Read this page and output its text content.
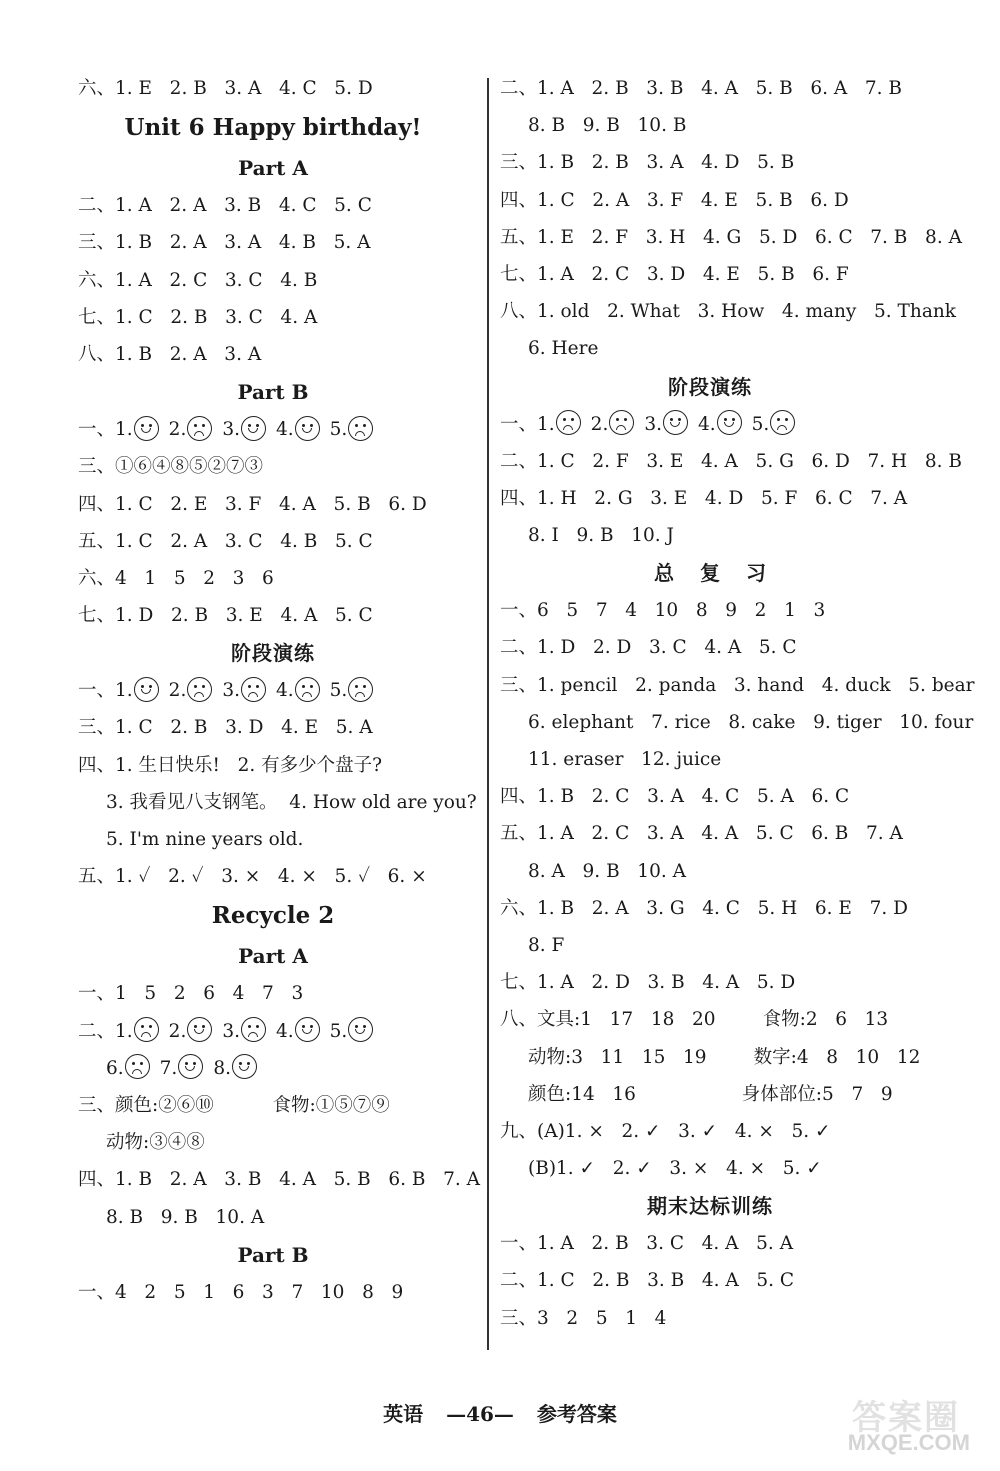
六、1. E   2. B   3. A   4. C   5. D
Unit 6 Happy birthday!
Part A
二、1. A   2. A   3. B   4. C   5. C
三、1. B   2. A   3. A   4. B   5. A
六、1. A   2. C   3. C   4. B
七、1. C   2. B   3. C   4. A
八、1. B   2. A   3. A
Part B
一、1. 2. 3. 4. 5.
三、①⑥④⑧⑤②⑦③
四、1. C   2. E   3. F   4. A   5. B   6. D
五、1. C   2. A   3. C   4. B   5. C
六、4   1   5   2   3   6
七、1. D   2. B   3. E   4. A   5. C
阶段演练
一、1. 2. 3. 4. 5.
三、1. C   2. B   3. D   4. E   5. A
四、1. 生日快乐!   2. 有多少个盘子?
3. 我看见八支钢笔。  4. How old are you?
5. I'm nine years old.
五、1. ✓   2. ✓   3. ×   4. ×   5. ✓   6. ×
Recycle 2
Part A
一、1   5   2   6   4   7   3
二、1. 2. 3. 4. 5.
6. 7. 8.
三、颜色:②⑥⑩          食物:①⑤⑦⑨
动物:③④⑧
四、1. B   2. A   3. B   4. A   5. B   6. B   7. A
8. B   9. B   10. A
Part B
一、4   2   5   1   6   3   7   10   8   9
二、1. A   2. B   3. B   4. A   5. B   6. A   7. B
8. B   9. B   10. B
三、1. B   2. B   3. A   4. D   5. B
四、1. C   2. A   3. F   4. E   5. B   6. D
五、1. E   2. F   3. H   4. G   5. D   6. C   7. B   8. A
七、1. A   2. C   3. D   4. E   5. B   6. F
八、1. old   2. What   3. How   4. many   5. Thank
6. Here
阶段演练
一、1. 2. 3. 4. 5.
二、1. C   2. F   3. E   4. A   5. G   6. D   7. H   8. B
四、1. H   2. G   3. E   4. D   5. F   6. C   7. A
8. I   9. B   10. J
总复习
一、6   5   7   4   10   8   9   2   1   3
二、1. D   2. D   3. C   4. A   5. C
三、1. pencil   2. panda   3. hand   4. duck   5. bear
6. elephant   7. rice   8. cake   9. tiger   10. four
11. eraser   12. juice
四、1. B   2. C   3. A   4. C   5. A   6. C
五、1. A   2. C   3. A   4. A   5. C   6. B   7. A
8. A   9. B   10. A
六、1. B   2. A   3. G   4. C   5. H   6. E   7. D
8. F
七、1. A   2. D   3. B   4. A   5. D
八、文具:1   17   18   20        食物:2   6   13
动物:3   11   15   19        数字:4   8   10   12
颜色:14   16                  身体部位:5   7   9
九、(A)1. ×   2. ✓   3. ✓   4. ×   5. ✓
(B)1. ✓   2. ✓   3. ×   4. ×   5. ✓
期末达标训练
一、1. A   2. B   3. C   4. A   5. A
二、1. C   2. B   3. B   4. A   5. C
三、3   2   5   1   4
英语 —46— 参考答案	答案圈
MXQE.COM
